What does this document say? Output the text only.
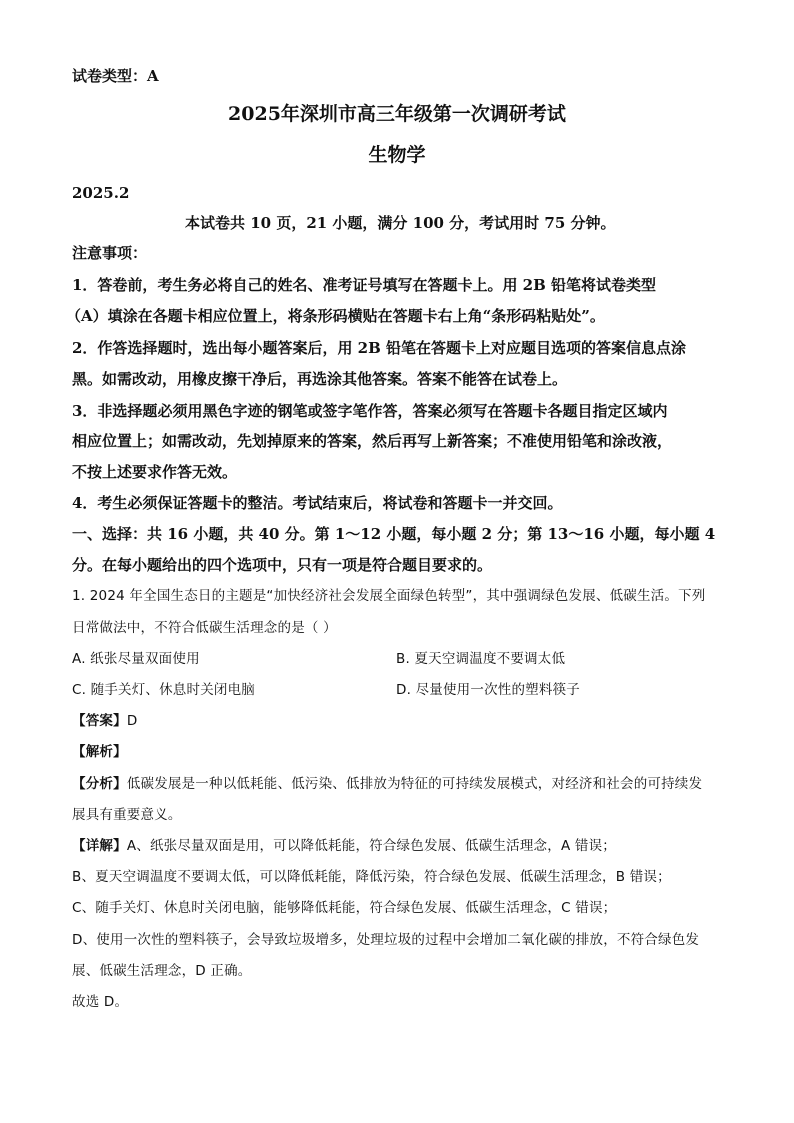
试卷类型：A
2025年深圳市高三年级第一次调研考试
生物学
2025.2
本试卷共 10 页，21 小题，满分 100 分，考试用时 75 分钟。
注意事项：
1．答卷前，考生务必将自己的姓名、准考证号填写在答题卡上。用 2B 铅笔将试卷类型
（A）填涂在各题卡相应位置上，将条形码横贴在答题卡右上角“条形码粘贴处”。
2．作答选择题时，选出每小题答案后，用 2B 铅笔在答题卡上对应题目选项的答案信息点涂
黑。如需改动，用橡皮擦干净后，再选涂其他答案。答案不能答在试卷上。
3．非选择题必须用黑色字迹的钢笔或签字笔作答，答案必须写在答题卡各题目指定区域内
相应位置上；如需改动，先划掉原来的答案，然后再写上新答案；不准使用铅笔和涂改液，
不按上述要求作答无效。
4．考生必须保证答题卡的整洁。考试结束后，将试卷和答题卡一并交回。
一、选择：共 16 小题，共 40 分。第 1～12 小题，每小题 2 分；第 13～16 小题，每小题 4
分。在每小题给出的四个选项中，只有一项是符合题目要求的。
1. 2024 年全国生态日的主题是“加快经济社会发展全面绿色转型”，其中强调绿色发展、低碳生活。下列
日常做法中，不符合低碳生活理念的是（ ）
A. 纸张尽量双面使用	B. 夏天空调温度不要调太低
C. 随手关灯、休息时关闭电脑	D. 尽量使用一次性的塑料筷子
【答案】D
【解析】
【分析】低碳发展是一种以低耗能、低污染、低排放为特征的可持续发展模式，对经济和社会的可持续发
展具有重要意义。
【详解】A、纸张尽量双面是用，可以降低耗能，符合绿色发展、低碳生活理念，A 错误；
B、夏天空调温度不要调太低，可以降低耗能，降低污染，符合绿色发展、低碳生活理念，B 错误；
C、随手关灯、休息时关闭电脑，能够降低耗能，符合绿色发展、低碳生活理念，C 错误；
D、使用一次性的塑料筷子，会导致垃圾增多，处理垃圾的过程中会增加二氧化碳的排放，不符合绿色发
展、低碳生活理念，D 正确。
故选 D。
